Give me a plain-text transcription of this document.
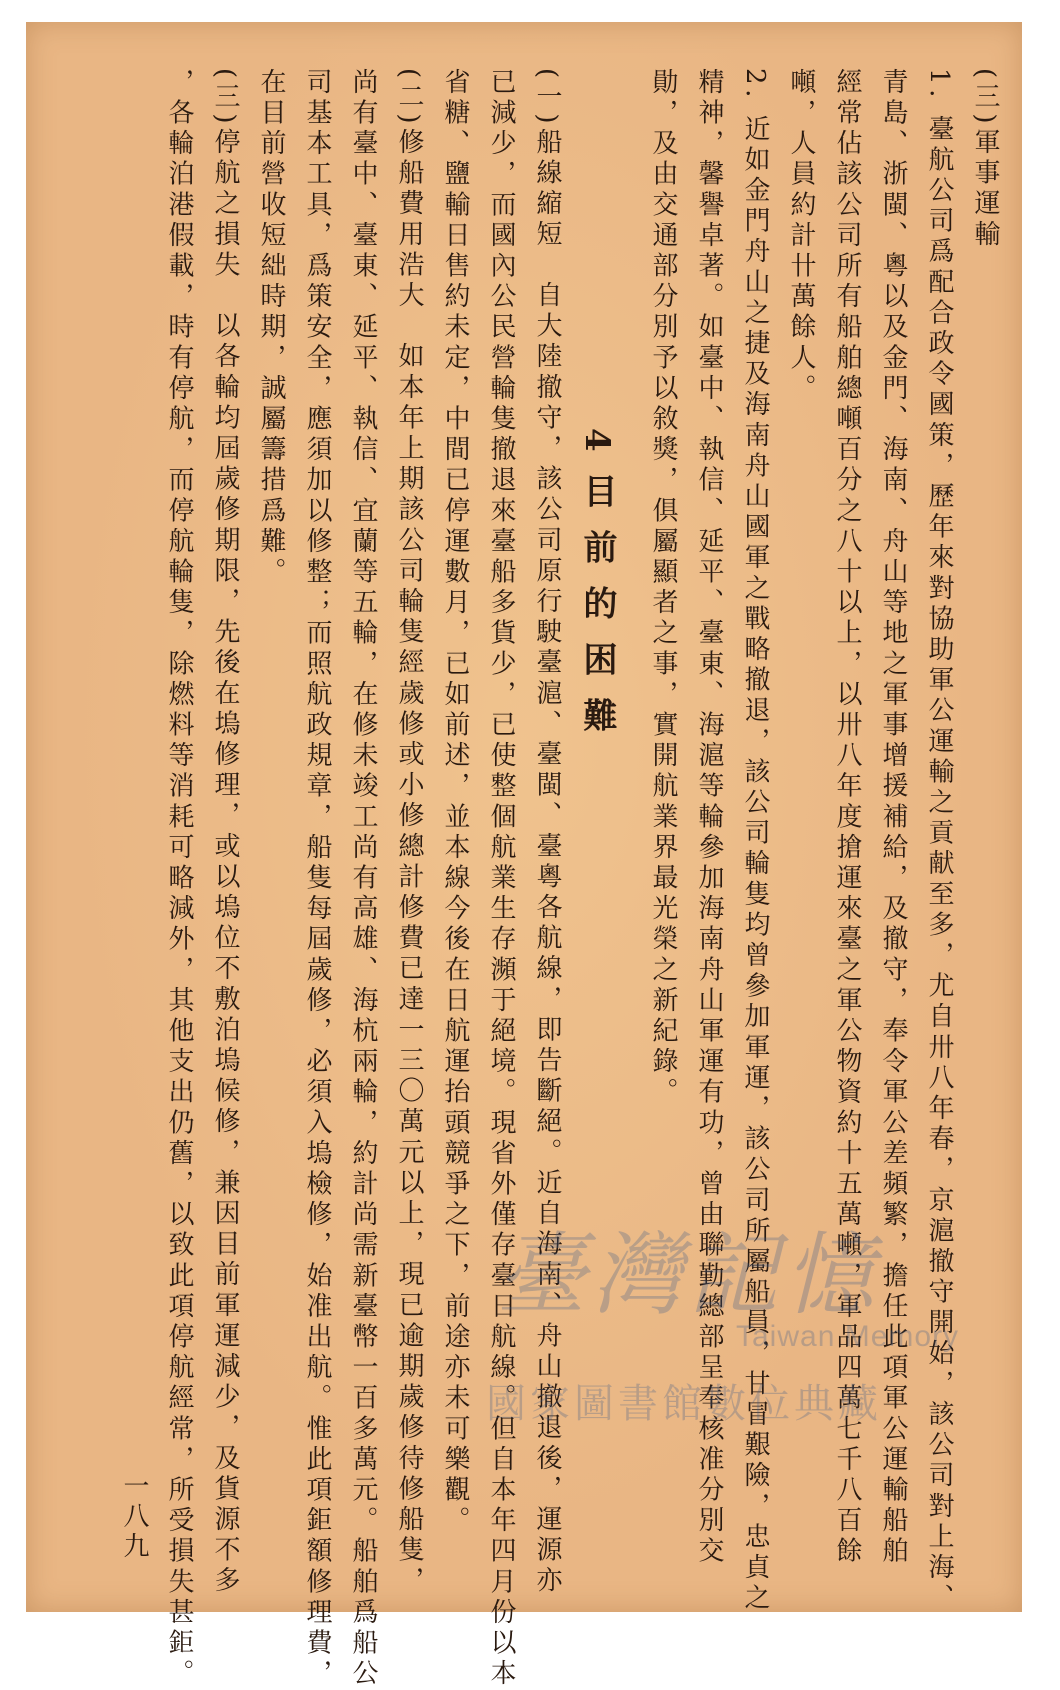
(三)軍事運輸
1. 臺航公司爲配合政令國策，歷年來對協助軍公運輸之貢献至多，尤自卅八年春，京滬撤守開始，該公司對上海、
青島、浙閩、粵以及金門、海南、舟山等地之軍事增援補給，及撤守，奉令軍公差頻繁，擔任此項軍公運輸船舶
經常佔該公司所有船舶總噸百分之八十以上，以卅八年度搶運來臺之軍公物資約十五萬噸，軍品四萬七千八百餘
噸，人員約計卄萬餘人。
2. 近如金門舟山之捷及海南舟山國軍之戰略撤退，該公司輪隻均曾參加軍運，該公司所屬船員，甘冒艱險，忠貞之
精神，馨譽卓著。如臺中、執信、延平、臺東、海滬等輪參加海南舟山軍運有功，曾由聯勤總部呈奉核准分別交
勛，及由交通部分別予以敘獎，俱屬顯者之事，實開航業界最光榮之新紀錄。
4目前的困難
(一)船線縮短　自大陸撤守，該公司原行駛臺滬、臺閩、臺粵各航線，即告斷絕。近自海南、舟山撤退後，運源亦
已減少，而國內公民營輪隻撤退來臺船多貨少，已使整個航業生存瀕于絕境。現省外僅存臺日航線。但自本年四月份以本
省糖、鹽輸日售約未定，中間已停運數月，已如前述，並本線今後在日航運抬頭競爭之下，前途亦未可樂觀。
(二)修船費用浩大　如本年上期該公司輪隻經歲修或小修總計修費已達一三〇萬元以上，現已逾期歲修待修船隻，
尚有臺中、臺東、延平、執信、宜蘭等五輪，在修未竣工尚有高雄、海杭兩輪，約計尚需新臺幣一百多萬元。船舶爲船公
司基本工具，爲策安全，應須加以修整；而照航政規章，船隻每屆歲修，必須入塢檢修，始准出航。惟此項鉅額修理費，
在目前營收短絀時期，誠屬籌措爲難。
(三)停航之損失　以各輪均屆歲修期限，先後在塢修理，或以塢位不敷泊塢候修，兼因目前軍運減少，及貨源不多
，各輪泊港假載，時有停航，而停航輪隻，除燃料等消耗可略減外，其他支出仍舊，以致此項停航經常，所受損失甚鉅。
一八九
臺灣記憶
Taiwan Memory
國家圖書館數位典藏
